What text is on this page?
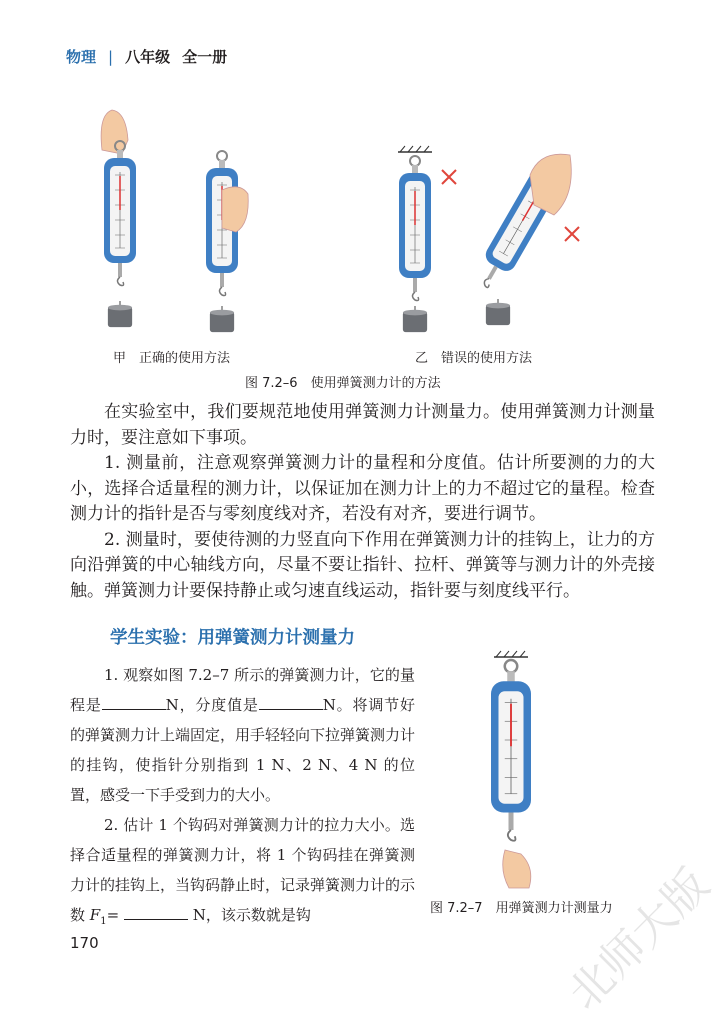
物理 | 八年级 全一册
甲　正确的使用方法	乙　错误的使用方法
图 7.2–6　使用弹簧测力计的方法

在实验室中，我们要规范地使用弹簧测力计测量力。使用弹簧测力计测量力时，要注意如下事项。

1. 测量前，注意观察弹簧测力计的量程和分度值。估计所要测的力的大小，选择合适量程的测力计，以保证加在测力计上的力不超过它的量程。检查测力计的指针是否与零刻度线对齐，若没有对齐，要进行调节。

2. 测量时，要使待测的力竖直向下作用在弹簧测力计的挂钩上，让力的方向沿弹簧的中心轴线方向，尽量不要让指针、拉杆、弹簧等与测力计的外壳接触。弹簧测力计要保持静止或匀速直线运动，指针要与刻度线平行。

学生实验：用弹簧测力计测量力

1. 观察如图 7.2–7 所示的弹簧测力计，它的量程是	N，分度值是	N。将调节好的弹簧测力计上端固定，用手轻轻向下拉弹簧测力计的挂钩，使指针分别指到 1 N、2 N、4 N 的位置，感受一下手受到力的大小。

2. 估计 1 个钩码对弹簧测力计的拉力大小。选择合适量程的弹簧测力计，将 1 个钩码挂在弹簧测力计的挂钩上，当钩码静止时，记录弹簧测力计的示数 $F_1=$	N，该示数就是钩

170
图 7.2–7　用弹簧测力计测量力
北师大版
